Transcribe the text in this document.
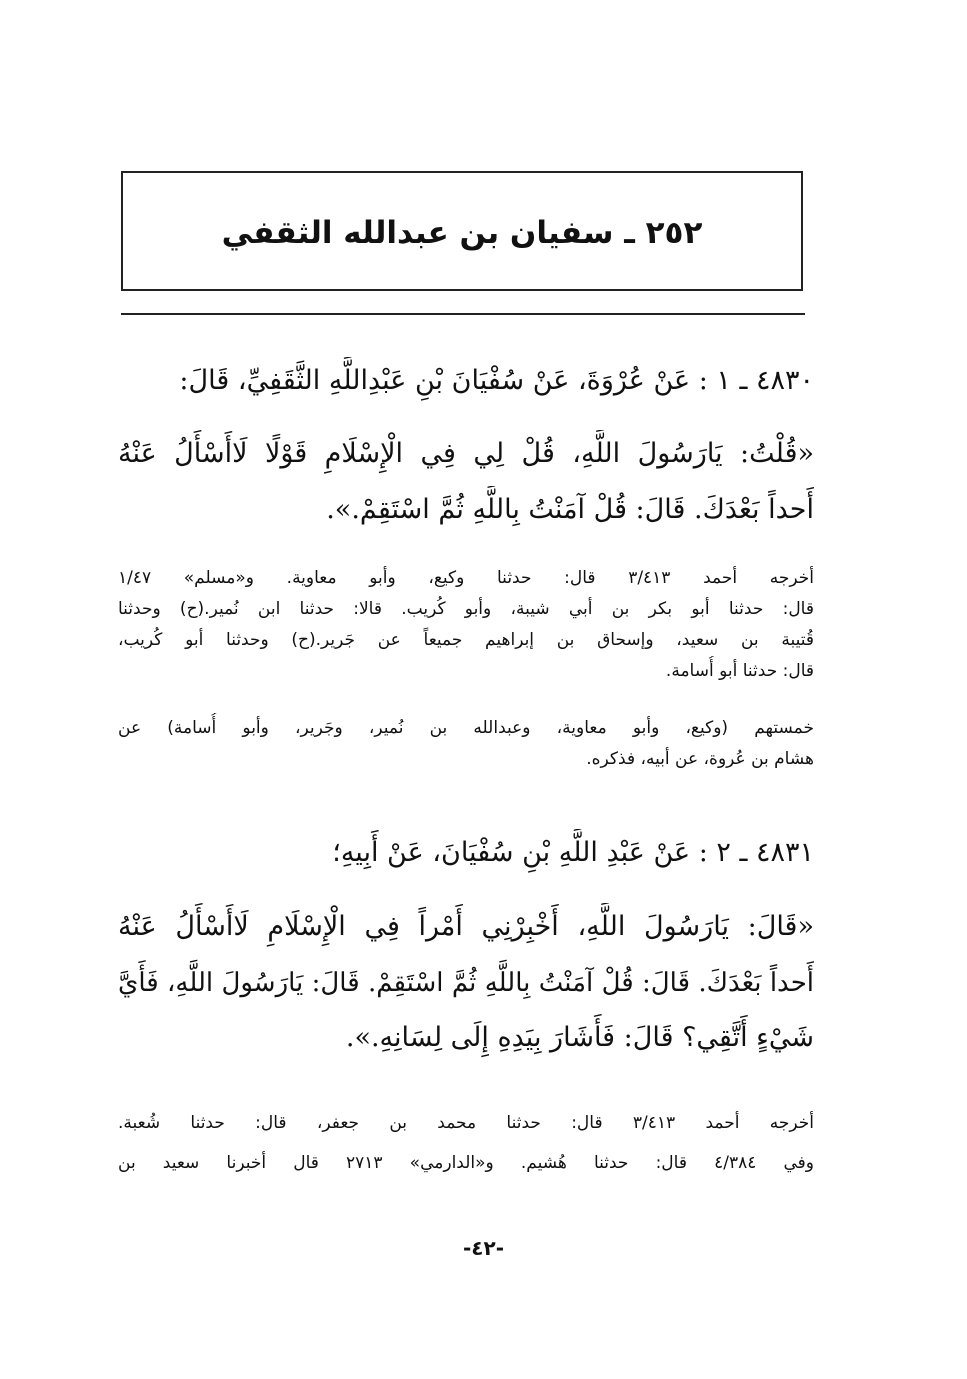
٢٥٢ ـ سفيان بن عبدالله الثقفي
٤٨٣٠ ـ ١ : عَنْ عُرْوَةَ، عَنْ سُفْيَانَ بْنِ عَبْدِاللَّهِ الثَّقَفِيِّ، قَالَ:
«قُلْتُ: يَارَسُولَ اللَّهِ، قُلْ لِي فِي الْإِسْلَامِ قَوْلًا لَاأَسْأَلُ عَنْهُ
أَحداً بَعْدَكَ. قَالَ: قُلْ آمَنْتُ بِاللَّهِ ثُمَّ اسْتَقِمْ.».
أخرجه أحمد ٣/٤١٣ قال: حدثنا وكيع، وأبو معاوية. و«مسلم» ١/٤٧
قال: حدثنا أبو بكر بن أبي شيبة، وأبو كُريب. قالا: حدثنا ابن نُمير.(ح) وحدثنا
قُتيبة بن سعيد، وإسحاق بن إبراهيم جميعاً عن جَرير.(ح) وحدثنا أبو كُريب،
قال: حدثنا أبو أُسامة.
خمستهم (وكيع، وأبو معاوية، وعبدالله بن نُمير، وجَرير، وأبو أُسامة) عن
هشام بن عُروة، عن أبيه، فذكره.
٤٨٣١ ـ ٢ : عَنْ عَبْدِ اللَّهِ بْنِ سُفْيَانَ، عَنْ أَبِيهِ؛
«قَالَ: يَارَسُولَ اللَّهِ، أَخْبِرْنِي أَمْراً فِي الْإِسْلَامِ لَاأَسْأَلُ عَنْهُ
أَحداً بَعْدَكَ. قَالَ: قُلْ آمَنْتُ بِاللَّهِ ثُمَّ اسْتَقِمْ. قَالَ: يَارَسُولَ اللَّهِ، فَأَيَّ
شَيْءٍ أَتَّقِي؟ قَالَ: فَأَشَارَ بِيَدِهِ إِلَى لِسَانِهِ.».
أخرجه أحمد ٣/٤١٣ قال: حدثنا محمد بن جعفر، قال: حدثنا شُعبة.
وفي ٤/٣٨٤ قال: حدثنا هُشيم. و«الدارمي» ٢٧١٣ قال أخبرنا سعيد بن
-٤٢-
